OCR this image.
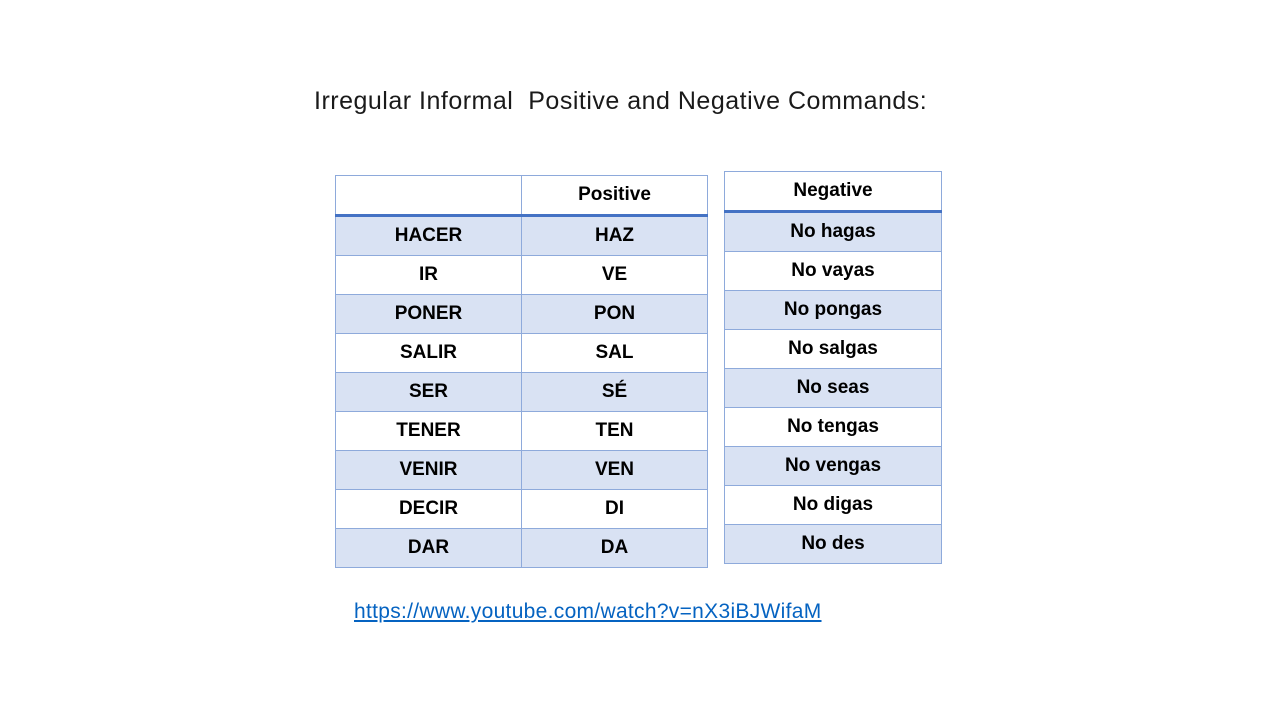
Irregular Informal  Positive and Negative Commands:
	Positive
HACER	HAZ
IR	VE
PONER	PON
SALIR	SAL
SER	SÉ
TENER	TEN
VENIR	VEN
DECIR	DI
DAR	DA
Negative
No hagas
No vayas
No pongas
No salgas
No seas
No tengas
No vengas
No digas
No des
https://www.youtube.com/watch?v=nX3iBJWifaM
